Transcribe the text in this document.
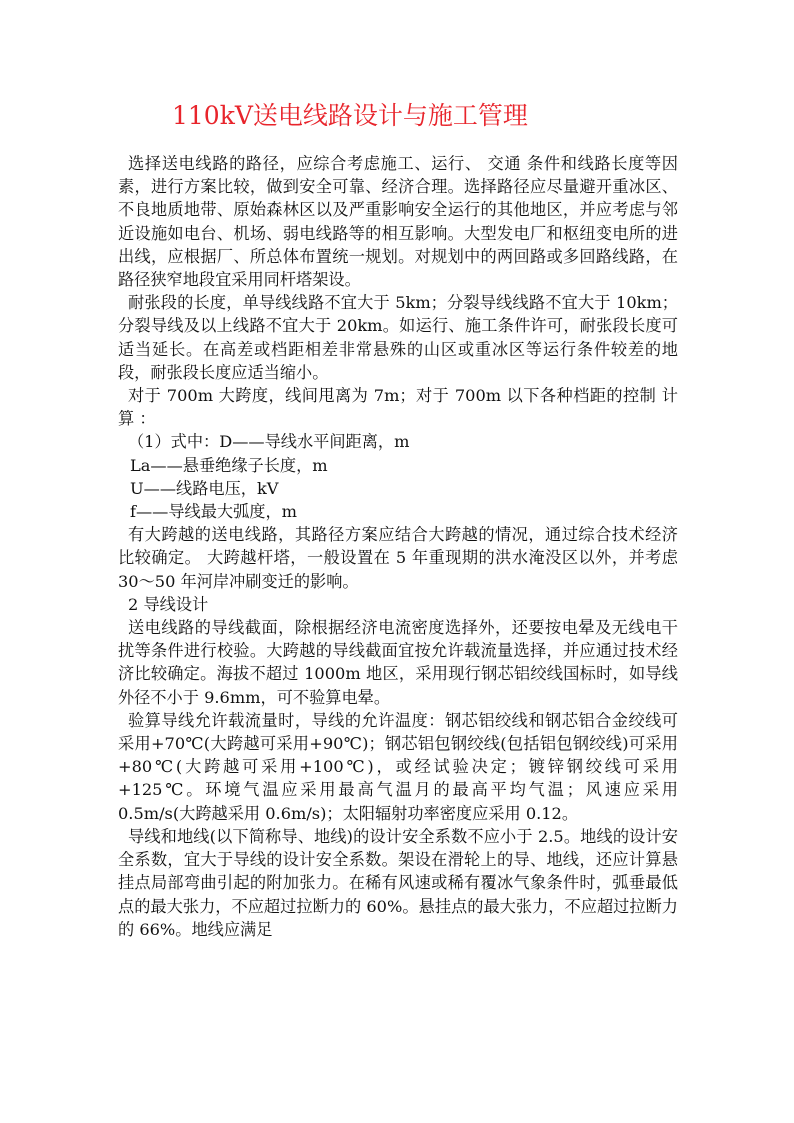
110kV送电线路设计与施工管理

选择送电线路的路径，应综合考虑施工、运行、 交通 条件和线路长度等因素，进行方案比较，做到安全可靠、经济合理。选择路径应尽量避开重冰区、不良地质地带、原始森林区以及严重影响安全运行的其他地区，并应考虑与邻近设施如电台、机场、弱电线路等的相互影响。大型发电厂和枢纽变电所的进出线，应根据厂、所总体布置统一规划。对规划中的两回路或多回路线路，在路径狭窄地段宜采用同杆塔架设。

耐张段的长度，单导线线路不宜大于 5km；分裂导线线路不宜大于 10km；分裂导线及以上线路不宜大于 20km。如运行、施工条件许可，耐张段长度可适当延长。在高差或档距相差非常悬殊的山区或重冰区等运行条件较差的地段，耐张段长度应适当缩小。

对于 700m 大跨度，线间甩离为 7m；对于 700m 以下各种档距的控制 计算 ：

（1）式中：D——导线水平间距离，m

La——悬垂绝缘子长度，m

U——线路电压，kV

f——导线最大弧度，m

有大跨越的送电线路，其路径方案应结合大跨越的情况，通过综合技术经济比较确定。 大跨越杆塔，一般设置在 5 年重现期的洪水淹没区以外，并考虑 30～50 年河岸冲刷变迁的影响。

2 导线设计

送电线路的导线截面，除根据经济电流密度选择外，还要按电晕及无线电干扰等条件进行校验。大跨越的导线截面宜按允许载流量选择，并应通过技术经济比较确定。海拔不超过 1000m 地区，采用现行钢芯铝绞线国标时，如导线外径不小于 9.6mm，可不验算电晕。

验算导线允许载流量时，导线的允许温度：钢芯铝绞线和钢芯铝合金绞线可采用+70℃(大跨越可采用+90℃)；钢芯铝包钢绞线(包括铝包钢绞线)可采用+80℃(大跨越可采用+100℃)，或经试验决定；镀锌钢绞线可采用+125℃。环境气温应采用最高气温月的最高平均气温；风速应采用 0.5m/s(大跨越采用 0.6m/s)；太阳辐射功率密度应采用 0.12。

导线和地线(以下简称导、地线)的设计安全系数不应小于 2.5。地线的设计安全系数，宜大于导线的设计安全系数。架设在滑轮上的导、地线，还应计算悬挂点局部弯曲引起的附加张力。在稀有风速或稀有覆冰气象条件时，弧垂最低点的最大张力，不应超过拉断力的 60%。悬挂点的最大张力，不应超过拉断力的 66%。地线应满足
